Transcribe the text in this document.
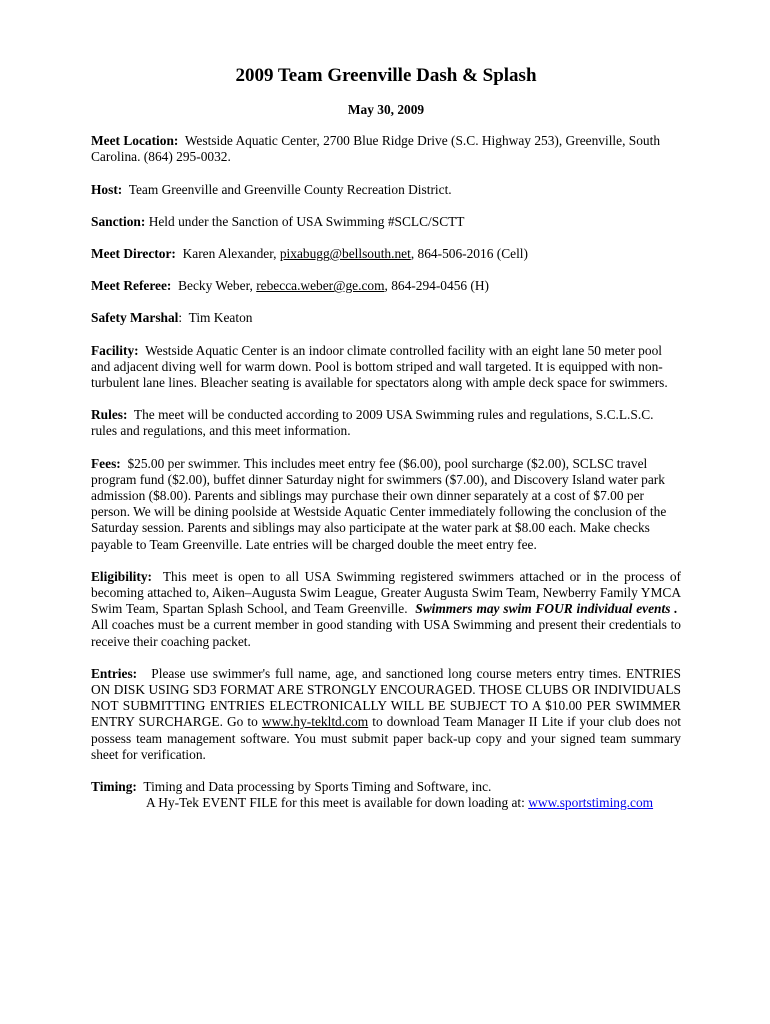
2009 Team Greenville Dash & Splash
May 30, 2009

Meet Location: Westside Aquatic Center, 2700 Blue Ridge Drive (S.C. Highway 253), Greenville, South Carolina. (864) 295-0032.

Host: Team Greenville and Greenville County Recreation District.

Sanction: Held under the Sanction of USA Swimming #SCLC/SCTT

Meet Director: Karen Alexander, pixabugg@bellsouth.net, 864-506-2016 (Cell)

Meet Referee: Becky Weber, rebecca.weber@ge.com, 864-294-0456 (H)

Safety Marshal: Tim Keaton

Facility: Westside Aquatic Center is an indoor climate controlled facility with an eight lane 50 meter pool and adjacent diving well for warm down. Pool is bottom striped and wall targeted. It is equipped with non-turbulent lane lines. Bleacher seating is available for spectators along with ample deck space for swimmers.

Rules: The meet will be conducted according to 2009 USA Swimming rules and regulations, S.C.L.S.C. rules and regulations, and this meet information.

Fees: $25.00 per swimmer. This includes meet entry fee ($6.00), pool surcharge ($2.00), SCLSC travel program fund ($2.00), buffet dinner Saturday night for swimmers ($7.00), and Discovery Island water park admission ($8.00). Parents and siblings may purchase their own dinner separately at a cost of $7.00 per person. We will be dining poolside at Westside Aquatic Center immediately following the conclusion of the Saturday session. Parents and siblings may also participate at the water park at $8.00 each. Make checks payable to Team Greenville. Late entries will be charged double the meet entry fee.

Eligibility: This meet is open to all USA Swimming registered swimmers attached or in the process of becoming attached to, Aiken–Augusta Swim League, Greater Augusta Swim Team, Newberry Family YMCA Swim Team, Spartan Splash School, and Team Greenville. Swimmers may swim FOUR individual events .  All coaches must be a current member in good standing with USA Swimming and present their credentials to receive their coaching packet.

Entries: Please use swimmer's full name, age, and sanctioned long course meters entry times. ENTRIES ON DISK USING SD3 FORMAT ARE STRONGLY ENCOURAGED. THOSE CLUBS OR INDIVIDUALS NOT SUBMITTING ENTRIES ELECTRONICALLY WILL BE SUBJECT TO A $10.00 PER SWIMMER ENTRY SURCHARGE. Go to www.hy-tekltd.com to download Team Manager II Lite if your club does not possess team management software. You must submit paper back-up copy and your signed team summary sheet for verification.

Timing: Timing and Data processing by Sports Timing and Software, inc.
A Hy-Tek EVENT FILE for this meet is available for down loading at: www.sportstiming.com
